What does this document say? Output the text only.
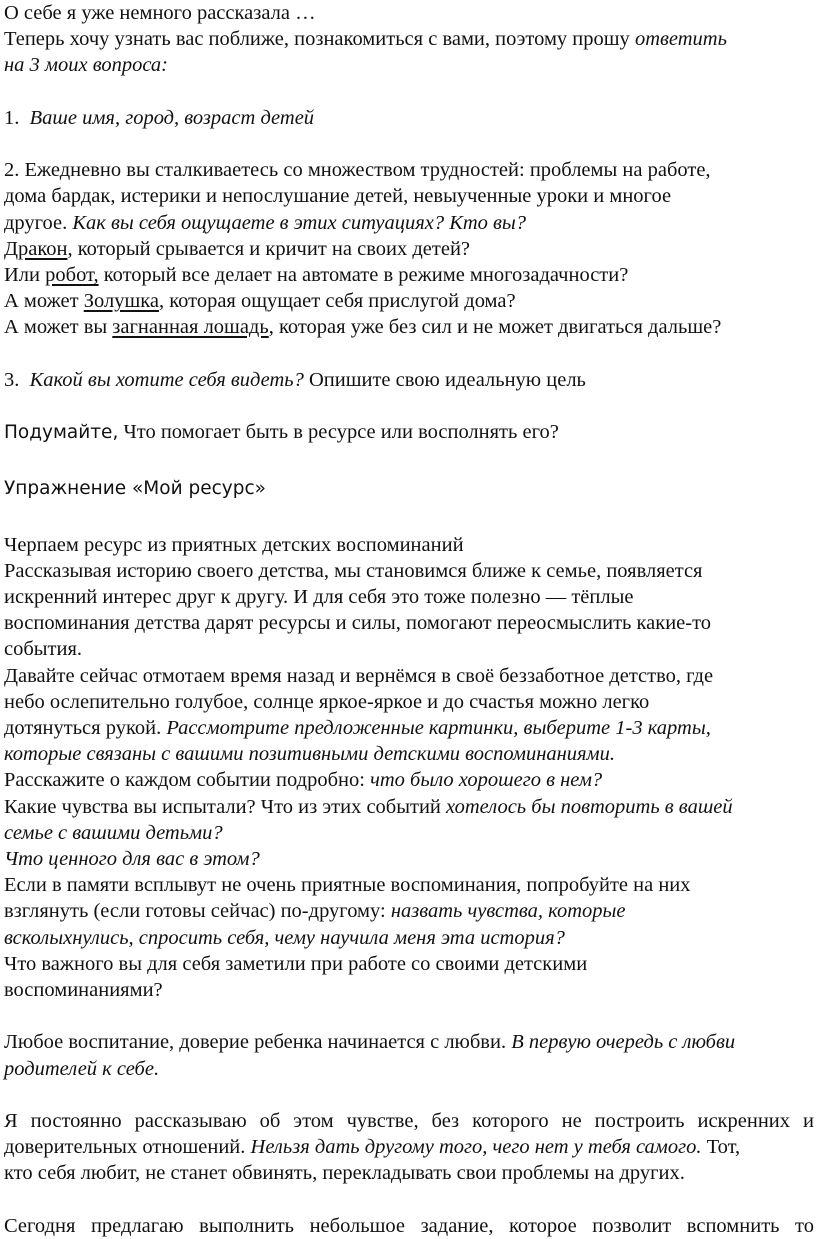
О себе я уже немного рассказала …

Теперь хочу узнать вас поближе, познакомиться с вами, поэтому прошу ответить

на 3 моих вопроса:

1. Ваше имя, город, возраст детей

2. Ежедневно вы сталкиваетесь со множеством трудностей: проблемы на работе,

дома бардак, истерики и непослушание детей, невыученные уроки и многое

другое. Как вы себя ощущаете в этих ситуациях? Кто вы?

Дракон, который срывается и кричит на своих детей?

Или робот, который все делает на автомате в режиме многозадачности?

А может Золушка, которая ощущает себя прислугой дома?

А может вы загнанная лошадь, которая уже без сил и не может двигаться дальше?

3. Какой вы хотите себя видеть? Опишите свою идеальную цель

Подумайте, Что помогает быть в ресурсе или восполнять его?

Упражнение «Мой ресурс»

Черпаем ресурс из приятных детских воспоминаний

Рассказывая историю своего детства, мы становимся ближе к семье, появляется

искренний интерес друг к другу. И для себя это тоже полезно — тёплые

воспоминания детства дарят ресурсы и силы, помогают переосмыслить какие-то

события.

Давайте сейчас отмотаем время назад и вернёмся в своё беззаботное детство, где

небо ослепительно голубое, солнце яркое-яркое и до счастья можно легко

дотянуться рукой. Рассмотрите предложенные картинки, выберите 1-3 карты,

которые связаны с вашими позитивными детскими воспоминаниями.

Расскажите о каждом событии подробно: что было хорошего в нем?

Какие чувства вы испытали? Что из этих событий хотелось бы повторить в вашей

семье с вашими детьми?

Что ценного для вас в этом?

Если в памяти всплывут не очень приятные воспоминания, попробуйте на них

взглянуть (если готовы сейчас) по-другому: назвать чувства, которые

всколыхнулись, спросить себя, чему научила меня эта история?

Что важного вы для себя заметили при работе со своими детскими

воспоминаниями?

Любое воспитание, доверие ребенка начинается с любви. В первую очередь с любви

родителей к себе.

Я постоянно рассказываю об этом чувстве, без которого не построить искренних и

доверительных отношений. Нельзя дать другому того, чего нет у тебя самого. Тот,

кто себя любит, не станет обвинять, перекладывать свои проблемы на других.

Сегодня предлагаю выполнить небольшое задание, которое позволит вспомнить то
